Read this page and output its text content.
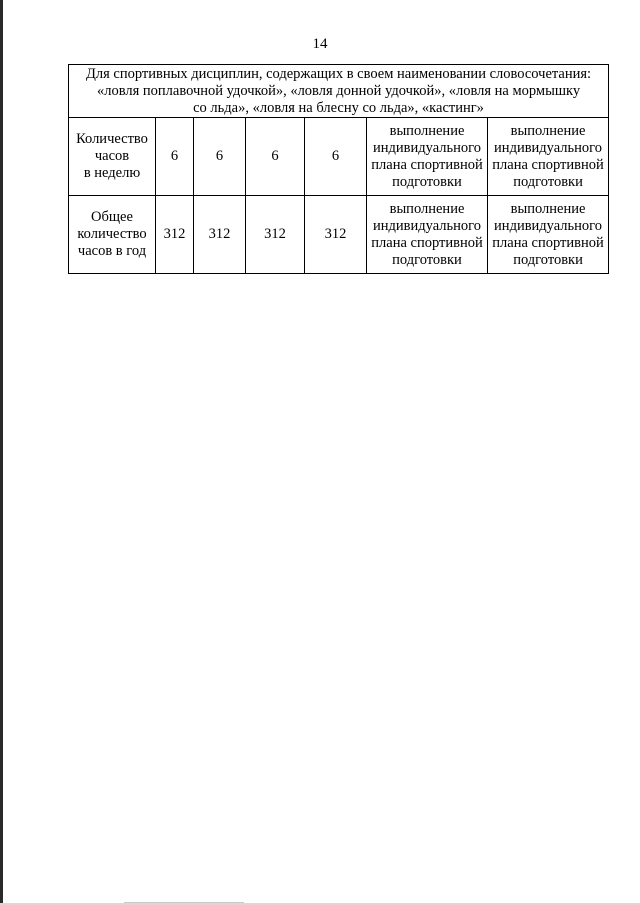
14
Для спортивных дисциплин, содержащих в своем наименовании словосочетания:
«ловля поплавочной удочкой», «ловля донной удочкой», «ловля на мормышку
со льда», «ловля на блесну со льда», «кастинг»						

Количество
часов
в неделю	6	6	6	6	выполнение
индивидуального
плана спортивной
подготовки	выполнение
индивидуального
плана спортивной
подготовки

Общее
количество
часов в год	312	312	312	312	выполнение
индивидуального
плана спортивной
подготовки	выполнение
индивидуального
плана спортивной
подготовки
